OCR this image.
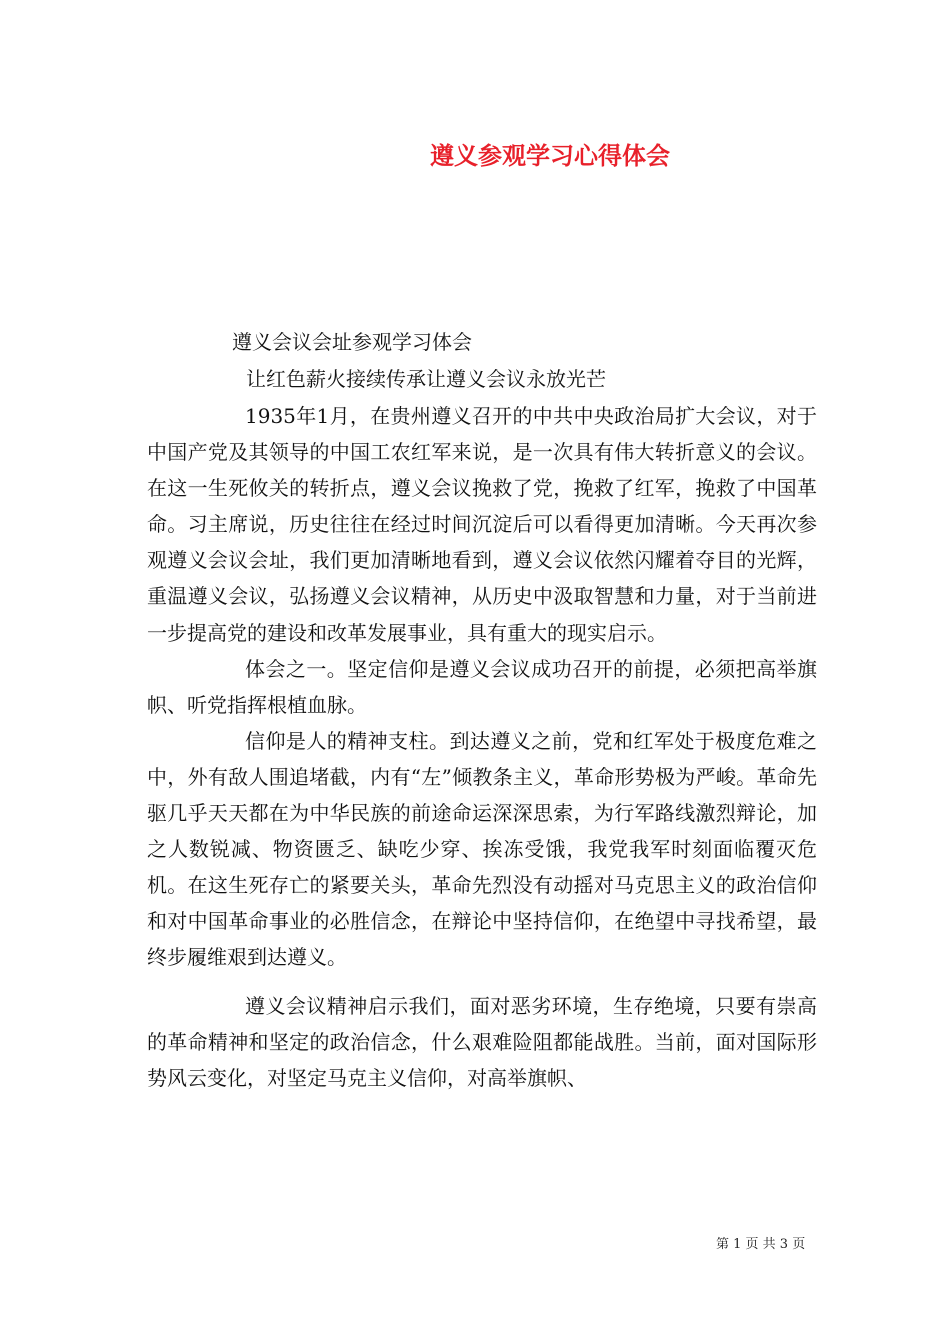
遵义参观学习心得体会
遵义会议会址参观学习体会
让红色薪火接续传承让遵义会议永放光芒

1935年1月，在贵州遵义召开的中共中央政治局扩大会议，对于中国产党及其领导的中国工农红军来说，是一次具有伟大转折意义的会议。在这一生死攸关的转折点，遵义会议挽救了党，挽救了红军，挽救了中国革命。习主席说，历史往往在经过时间沉淀后可以看得更加清晰。今天再次参观遵义会议会址，我们更加清晰地看到，遵义会议依然闪耀着夺目的光辉，重温遵义会议，弘扬遵义会议精神，从历史中汲取智慧和力量，对于当前进一步提高党的建设和改革发展事业，具有重大的现实启示。

体会之一。坚定信仰是遵义会议成功召开的前提，必须把高举旗帜、听党指挥根植血脉。

信仰是人的精神支柱。到达遵义之前，党和红军处于极度危难之中，外有敌人围追堵截，内有“左”倾教条主义，革命形势极为严峻。革命先驱几乎天天都在为中华民族的前途命运深深思索，为行军路线激烈辩论，加之人数锐减、物资匮乏、缺吃少穿、挨冻受饿，我党我军时刻面临覆灭危机。在这生死存亡的紧要关头，革命先烈没有动摇对马克思主义的政治信仰和对中国革命事业的必胜信念，在辩论中坚持信仰，在绝望中寻找希望，最终步履维艰到达遵义。

遵义会议精神启示我们，面对恶劣环境，生存绝境，只要有崇高的革命精神和坚定的政治信念，什么艰难险阻都能战胜。当前，面对国际形势风云变化，对坚定马克主义信仰，对高举旗帜、

第 1 页 共 3 页
